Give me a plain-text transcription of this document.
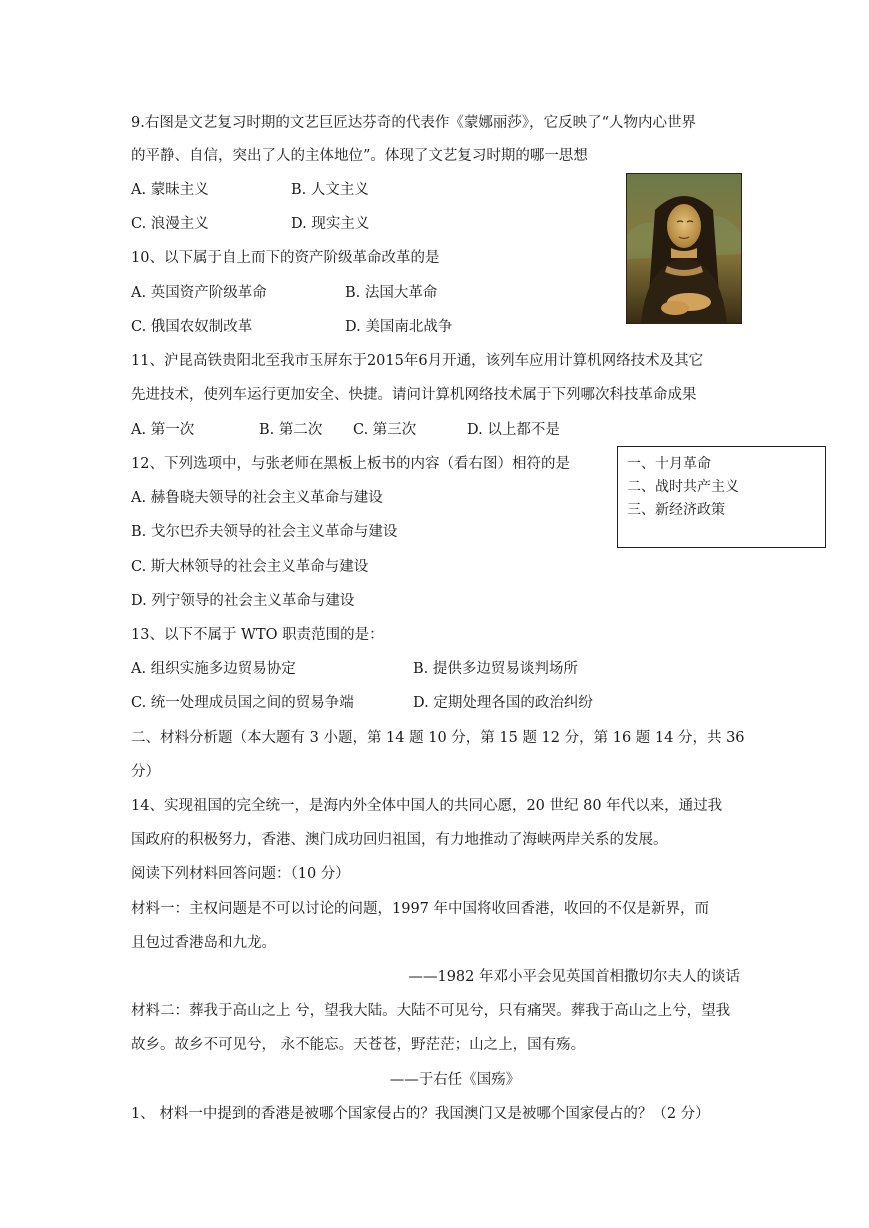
9.右图是文艺复习时期的文艺巨匠达芬奇的代表作《蒙娜丽莎》，它反映了“人物内心世界
的平静、自信，突出了人的主体地位”。体现了文艺复习时期的哪一思想
A. 蒙昧主义	B. 人文主义
C. 浪漫主义	D. 现实主义
10、以下属于自上而下的资产阶级革命改革的是
A. 英国资产阶级革命	B. 法国大革命
C. 俄国农奴制改革	D. 美国南北战争
11、沪昆高铁贵阳北至我市玉屏东于2015年6月开通，该列车应用计算机网络技术及其它
先进技术，使列车运行更加安全、快捷。请问计算机网络技术属于下列哪次科技革命成果
A. 第一次	B. 第二次 C. 第三次	D. 以上都不是
12、下列选项中，与张老师在黑板上板书的内容（看右图）相符的是
A. 赫鲁晓夫领导的社会主义革命与建设
B. 戈尔巴乔夫领导的社会主义革命与建设
C. 斯大林领导的社会主义革命与建设
D. 列宁领导的社会主义革命与建设
一、十月革命
二、战时共产主义
三、新经济政策
13、以下不属于 WTO 职责范围的是：
A. 组织实施多边贸易协定	B. 提供多边贸易谈判场所
C. 统一处理成员国之间的贸易争端	D. 定期处理各国的政治纠纷
二、材料分析题（本大题有 3 小题，第 14 题 10 分，第 15 题 12 分，第 16 题 14 分，共 36
分）
14、实现祖国的完全统一，是海内外全体中国人的共同心愿，20 世纪 80 年代以来，通过我
国政府的积极努力，香港、澳门成功回归祖国，有力地推动了海峡两岸关系的发展。
阅读下列材料回答问题：（10 分）
材料一：主权问题是不可以讨论的问题，1997 年中国将收回香港，收回的不仅是新界，而
且包过香港岛和九龙。
——1982 年邓小平会见英国首相撒切尔夫人的谈话
材料二：葬我于高山之上 兮，望我大陆。大陆不可见兮，只有痛哭。葬我于高山之上兮，望我
故乡。故乡不可见兮， 永不能忘。天苍苍，野茫茫；山之上，国有殇。
——于右任《国殇》
1、 材料一中提到的香港是被哪个国家侵占的？我国澳门又是被哪个国家侵占的？（2 分）
